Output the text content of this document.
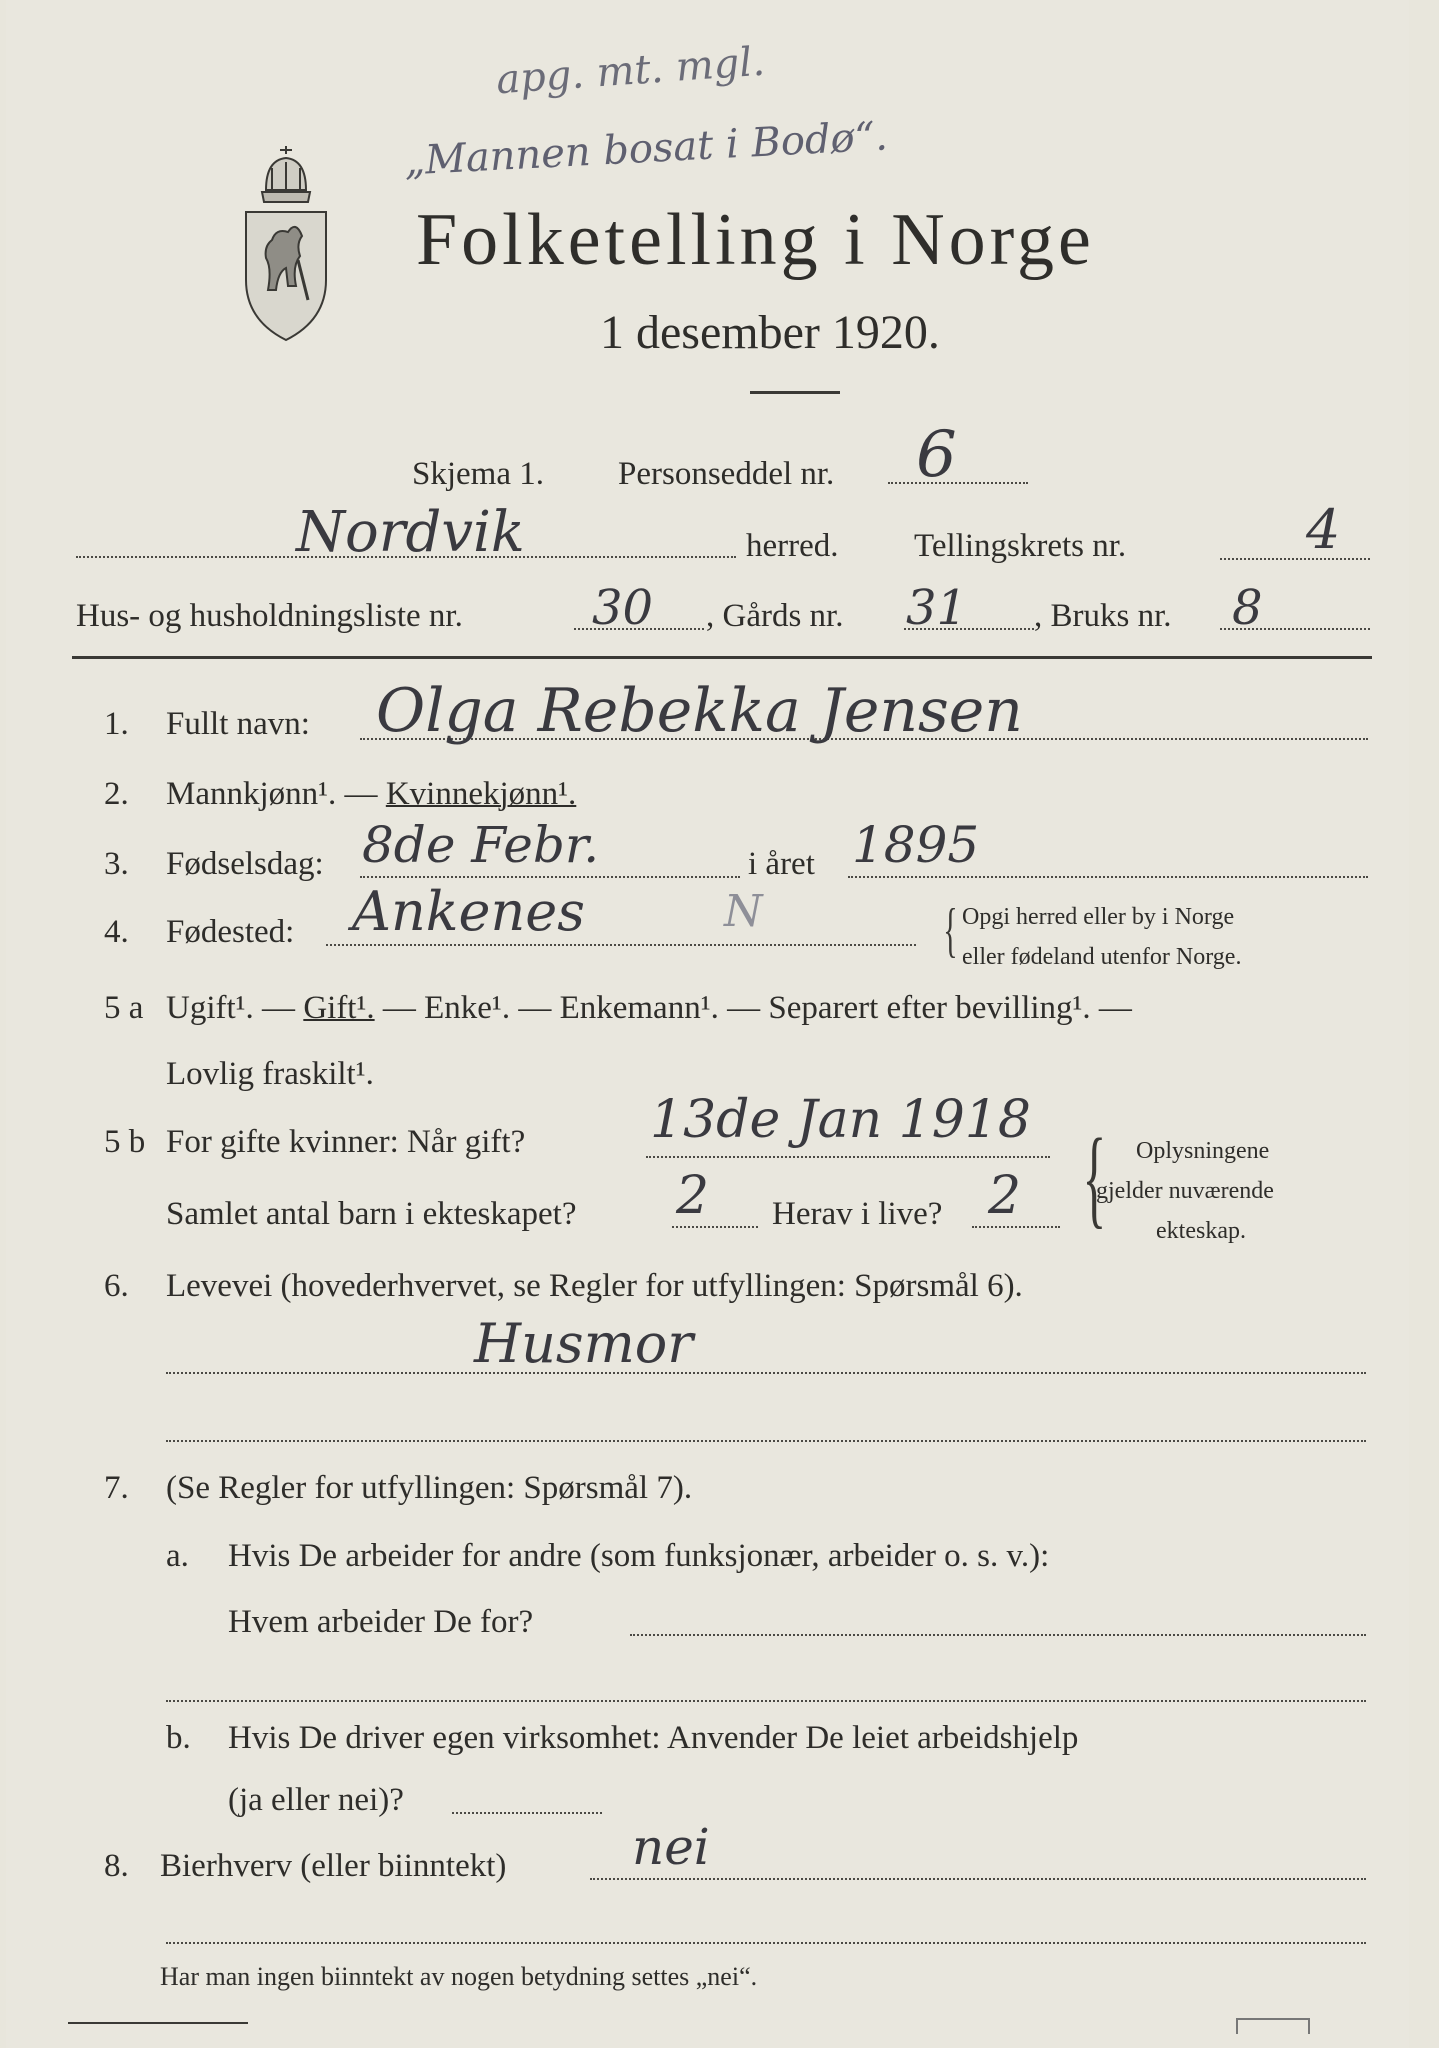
apg. mt. mgl.
„Mannen bosat i Bodø“.
Folketelling i Norge
1 desember 1920.
Skjema 1. Personseddel nr. 6
Nordvik	herred. Tellingskrets nr.	4
Hus- og husholdningsliste nr.	30 , Gårds nr. 31 , Bruks nr. 8
1. Fullt navn: Olga Rebekka Jensen
2. Mannkjønn¹. — Kvinnekjønn¹.
3. Fødselsdag: 8de Febr.	i året 1895
4. Fødested: Ankenes	N	{ Opgi herred eller by i Norge
eller fødeland utenfor Norge.
5 a Ugift¹. — Gift¹. — Enke¹. — Enkemann¹. — Separert efter bevilling¹. —
Lovlig fraskilt¹.
5 b For gifte kvinner: Når gift? 13de Jan 1918
Samlet antal barn i ekteskapet? 2 Herav i live? 2 { Oplysningene
gjelder nuværende
ekteskap.
6. Levevei (hovederhvervet, se Regler for utfyllingen: Spørsmål 6).
Husmor
7. (Se Regler for utfyllingen: Spørsmål 7).
a. Hvis De arbeider for andre (som funksjonær, arbeider o. s. v.):
Hvem arbeider De for?
b. Hvis De driver egen virksomhet: Anvender De leiet arbeidshjelp
(ja eller nei)?
8. Bierhverv (eller biinntekt)	nei
Har man ingen biinntekt av nogen betydning settes „nei“.
